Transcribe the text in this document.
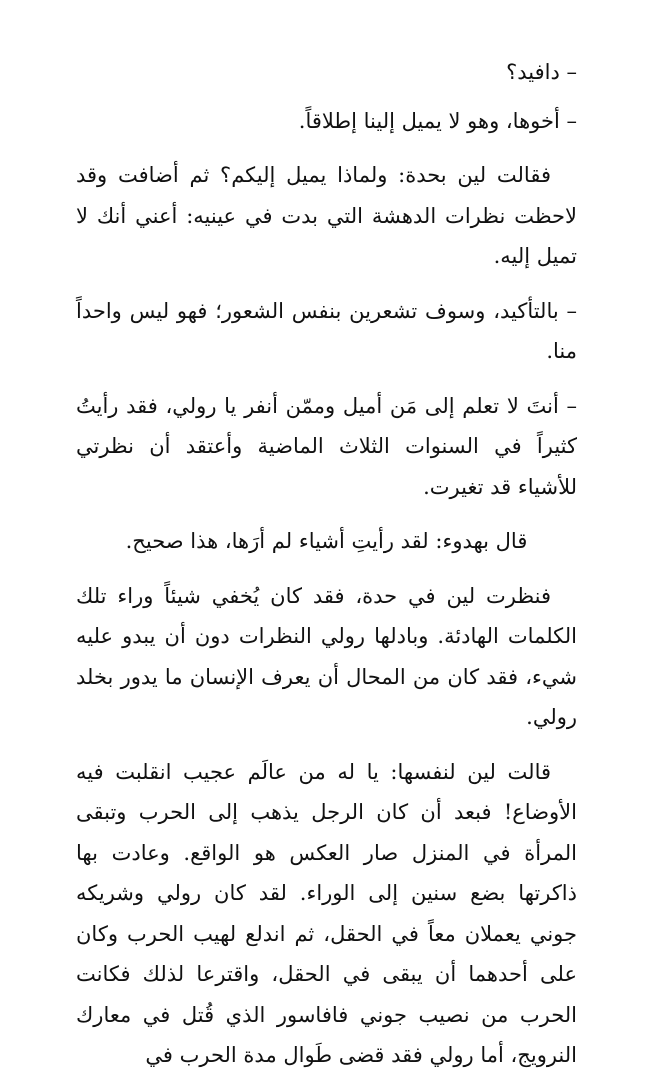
– دافيد؟

– أخوها، وهو لا يميل إلينا إطلاقاً.

فقالت لين بحدة: ولماذا يميل إليكم؟ ثم أضافت وقد لاحظت نظرات الدهشة التي بدت في عينيه: أعني أنك لا تميل إليه.

– بالتأكيد، وسوف تشعرين بنفس الشعور؛ فهو ليس واحداً منا.

– أنتَ لا تعلم إلى مَن أميل وممّن أنفر يا رولي، فقد رأيتُ كثيراً في السنوات الثلاث الماضية وأعتقد أن نظرتي للأشياء قد تغيرت.

قال بهدوء: لقد رأيتِ أشياء لم أرَها، هذا صحيح.

فنظرت لين في حدة، فقد كان يُخفي شيئاً وراء تلك الكلمات الهادئة. وبادلها رولي النظرات دون أن يبدو عليه شيء، فقد كان من المحال أن يعرف الإنسان ما يدور بخلد رولي.

قالت لين لنفسها: يا له من عالَم عجيب انقلبت فيه الأوضاع! فبعد أن كان الرجل يذهب إلى الحرب وتبقى المرأة في المنزل صار العكس هو الواقع. وعادت بها ذاكرتها بضع سنين إلى الوراء. لقد كان رولي وشريكه جوني يعملان معاً في الحقل، ثم اندلع لهيب الحرب وكان على أحدهما أن يبقى في الحقل، واقترعا لذلك فكانت الحرب من نصيب جوني فافاسور الذي قُتل في معارك النرويج، أما رولي فقد قضى طَوال مدة الحرب في
